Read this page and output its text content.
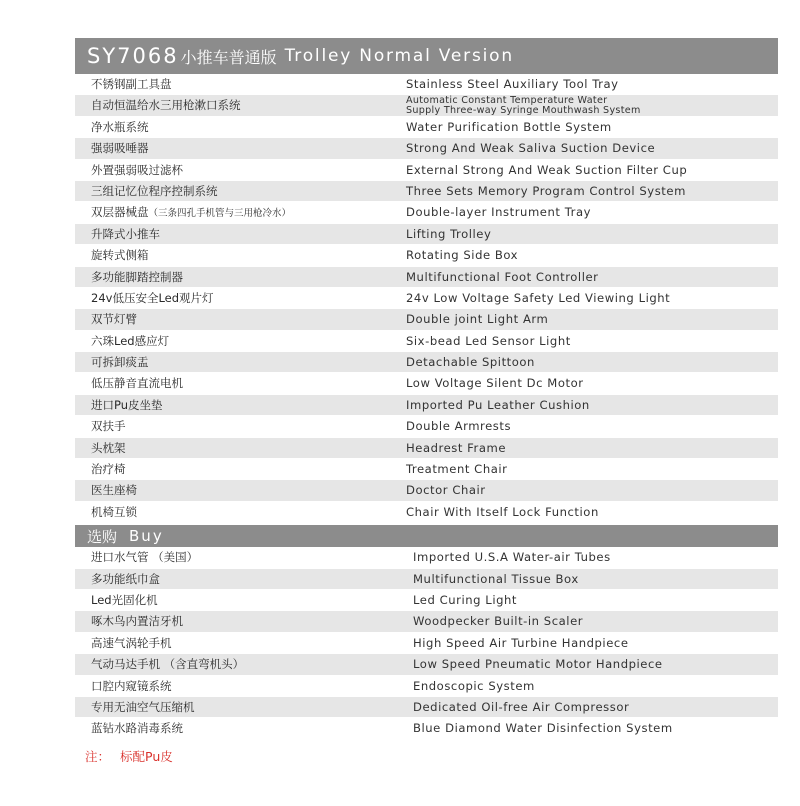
SY7068 小推车普通版 Trolley Normal Version
不锈钢副工具盘	Stainless Steel Auxiliary Tool Tray
自动恒温给水三用枪漱口系统	Automatic Constant Temperature Water
Supply Three-way Syringe Mouthwash System
净水瓶系统	Water Purification Bottle System
强弱吸唾器	Strong And Weak Saliva Suction Device
外置强弱吸过滤杯	External Strong And Weak Suction Filter Cup
三组记忆位程序控制系统	Three Sets Memory Program Control System
双层器械盘（三条四孔手机管与三用枪冷水）	Double-layer Instrument Tray
升降式小推车	Lifting Trolley
旋转式侧箱	Rotating Side Box
多功能脚踏控制器	Multifunctional Foot Controller
24v低压安全Led观片灯	24v Low Voltage Safety Led Viewing Light
双节灯臂	Double joint Light Arm
六珠Led感应灯	Six-bead Led Sensor Light
可拆卸痰盂	Detachable Spittoon
低压静音直流电机	Low Voltage Silent Dc Motor
进口Pu皮坐垫	Imported Pu Leather Cushion
双扶手	Double Armrests
头枕架	Headrest Frame
治疗椅	Treatment Chair
医生座椅	Doctor Chair
机椅互锁	Chair With Itself Lock Function
选购 Buy
进口水气管 （美国）	Imported U.S.A Water-air Tubes
多功能纸巾盒	Multifunctional Tissue Box
Led光固化机	Led Curing Light
啄木鸟内置洁牙机	Woodpecker Built-in Scaler
高速气涡轮手机	High Speed Air Turbine Handpiece
气动马达手机 （含直弯机头）	Low Speed Pneumatic Motor Handpiece
口腔内窥镜系统	Endoscopic System
专用无油空气压缩机	Dedicated Oil-free Air Compressor
蓝钻水路消毒系统	Blue Diamond Water Disinfection System
注： 标配Pu皮
